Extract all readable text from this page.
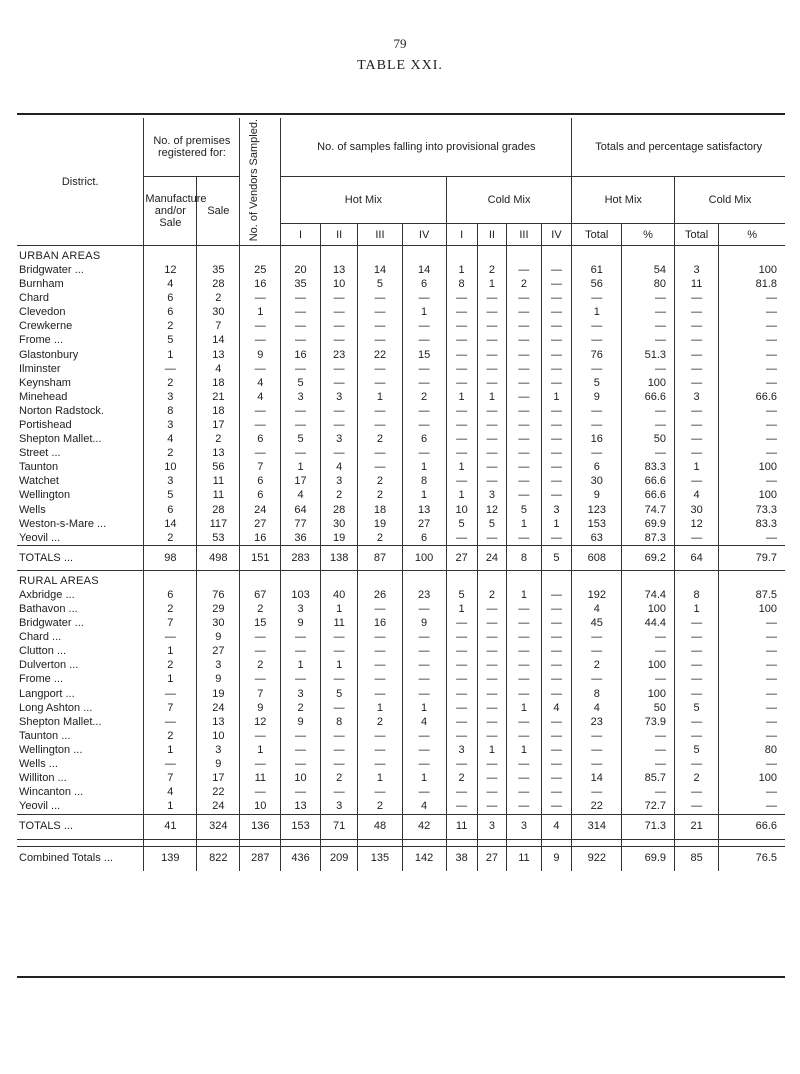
79
TABLE XXI.
District.	No. of premises registered for:		No. of Vendors Sampled.	No. of samples falling into provisional grades								Totals and percentage satisfactory			
	Manufacture and/or Sale	Sale		Hot Mix				Cold Mix				Hot Mix		Cold Mix	
				I	II	III	IV	I	II	III	IV	Total	%	Total	%
URBAN AREAS															
Bridgwater ...	12	35	25	20	13	14	14	1	2	—	—	61	54	3	100
Burnham	4	28	16	35	10	5	6	8	1	2	—	56	80	11	81.8
Chard	6	2	—	—	—	—	—	—	—	—	—	—	—	—	—
Clevedon	6	30	1	—	—	—	1	—	—	—	—	1	—	—	—
Crewkerne	2	7	—	—	—	—	—	—	—	—	—	—	—	—	—
Frome ...	5	14	—	—	—	—	—	—	—	—	—	—	—	—	—
Glastonbury	1	13	9	16	23	22	15	—	—	—	—	76	51.3	—	—
Ilminster	—	4	—	—	—	—	—	—	—	—	—	—	—	—	—
Keynsham	2	18	4	5	—	—	—	—	—	—	—	5	100	—	—
Minehead	3	21	4	3	3	1	2	1	1	—	1	9	66.6	3	66.6
Norton Radstock.	8	18	—	—	—	—	—	—	—	—	—	—	—	—	—
Portishead	3	17	—	—	—	—	—	—	—	—	—	—	—	—	—
Shepton Mallet...	4	2	6	5	3	2	6	—	—	—	—	16	50	—	—
Street ...	2	13	—	—	—	—	—	—	—	—	—	—	—	—	—
Taunton	10	56	7	1	4	—	1	1	—	—	—	6	83.3	1	100
Watchet	3	11	6	17	3	2	8	—	—	—	—	30	66.6	—	—
Wellington	5	11	6	4	2	2	1	1	3	—	—	9	66.6	4	100
Wells	6	28	24	64	28	18	13	10	12	5	3	123	74.7	30	73.3
Weston-s-Mare ...	14	117	27	77	30	19	27	5	5	1	1	153	69.9	12	83.3
Yeovil ...	2	53	16	36	19	2	6	—	—	—	—	63	87.3	—	—
TOTALS ...	98	498	151	283	138	87	100	27	24	8	5	608	69.2	64	79.7
RURAL AREAS															
Axbridge ...	6	76	67	103	40	26	23	5	2	1	—	192	74.4	8	87.5
Bathavon ...	2	29	2	3	1	—	—	1	—	—	—	4	100	1	100
Bridgwater ...	7	30	15	9	11	16	9	—	—	—	—	45	44.4	—	—
Chard ...	—	9	—	—	—	—	—	—	—	—	—	—	—	—	—
Clutton ...	1	27	—	—	—	—	—	—	—	—	—	—	—	—	—
Dulverton ...	2	3	2	1	1	—	—	—	—	—	—	2	100	—	—
Frome ...	1	9	—	—	—	—	—	—	—	—	—	—	—	—	—
Langport ...	—	19	7	3	5	—	—	—	—	—	—	8	100	—	—
Long Ashton ...	7	24	9	2	—	1	1	—	—	1	4	4	50	5	—
Shepton Mallet...	—	13	12	9	8	2	4	—	—	—	—	23	73.9	—	—
Taunton ...	2	10	—	—	—	—	—	—	—	—	—	—	—	—	—
Wellington ...	1	3	1	—	—	—	—	3	1	1	—	—	—	5	80
Wells ...	—	9	—	—	—	—	—	—	—	—	—	—	—	—	—
Williton ...	7	17	11	10	2	1	1	2	—	—	—	14	85.7	2	100
Wincanton ...	4	22	—	—	—	—	—	—	—	—	—	—	—	—	—
Yeovil ...	1	24	10	13	3	2	4	—	—	—	—	22	72.7	—	—
TOTALS ...	41	324	136	153	71	48	42	11	3	3	4	314	71.3	21	66.6

Combined Totals ...	139	822	287	436	209	135	142	38	27	11	9	922	69.9	85	76.5
